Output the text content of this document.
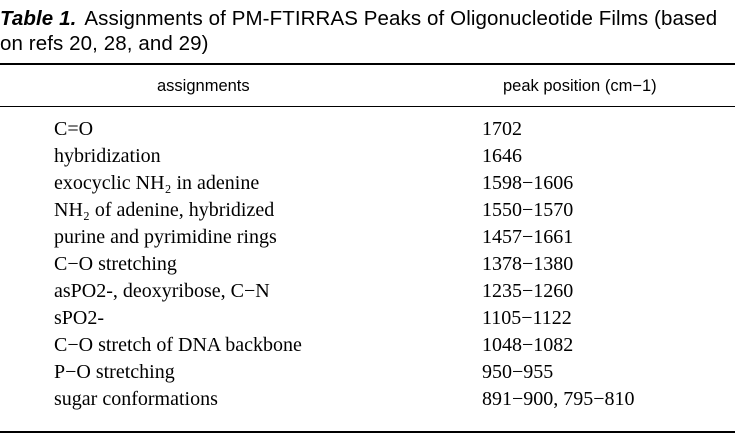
Table 1. Assignments of PM-FTIRRAS Peaks of Oligonucleotide Films (based on refs 20, 28, and 29)
assignments	peak position (cm−1)
C=O	1702
hybridization	1646
exocyclic NH₂ in adenine	1598−1606
NH₂ of adenine, hybridized	1550−1570
purine and pyrimidine rings	1457−1661
C−O stretching	1378−1380
asPO2-, deoxyribose, C−N	1235−1260
sPO2-	1105−1122
C−O stretch of DNA backbone	1048−1082
P−O stretching	950−955
sugar conformations	891−900, 795−810
